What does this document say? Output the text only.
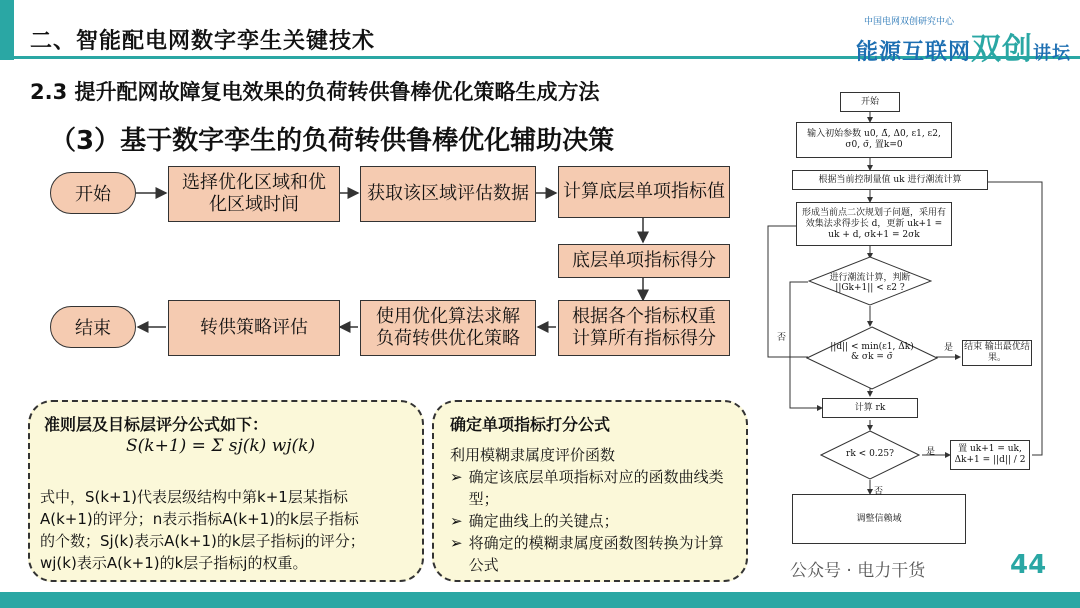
二、智能配电网数字孪生关键技术
中国电网双创研究中心
能源互联网双创讲坛
2.3 提升配网故障复电效果的负荷转供鲁棒优化策略生成方法
（3）基于数字孪生的负荷转供鲁棒优化辅助决策
开始
选择优化区域和优化区域时间
获取该区域评估数据	计算底层单项指标值
底层单项指标得分
根据各个指标权重计算所有指标得分
使用优化算法求解负荷转供优化策略
转供策略评估
结束
准则层及目标层评分公式如下：
S(k+1) = Σ sj(k) wj(k)
式中，S(k+1)代表层级结构中第k+1层某指标
A(k+1)的评分；n表示指标A(k+1)的k层子指标
的个数；Sj(k)表示A(k+1)的k层子指标j的评分；
wj(k)表示A(k+1)的k层子指标j的权重。
确定单项指标打分公式
利用模糊隶属度评价函数
➢ 确定该底层单项指标对应的函数曲线类型；
➢ 确定曲线上的关键点；
➢ 将确定的模糊隶属度函数图转换为计算公式
开始
输入初始参数 u0, Δ̄, Δ0, ε1, ε2, σ0, σ̄, 置k=0
根据当前控制量值 uk 进行潮流计算
形成当前点二次规划子问题，采用有效集法求得步长 d，更新 uk+1 = uk + d, σk+1 = 2σk
进行潮流计算，判断 ||Gk+1|| < ε2 ?
||d|| < min(ε1, Δk) & σk = σ̄
结束 输出最优结果。
计算 rk
rk < 0.25?	置 uk+1 = uk, Δk+1 = ||d|| / 2
调整信赖域
否
是
是
否
公众号 · 电力干货	44
